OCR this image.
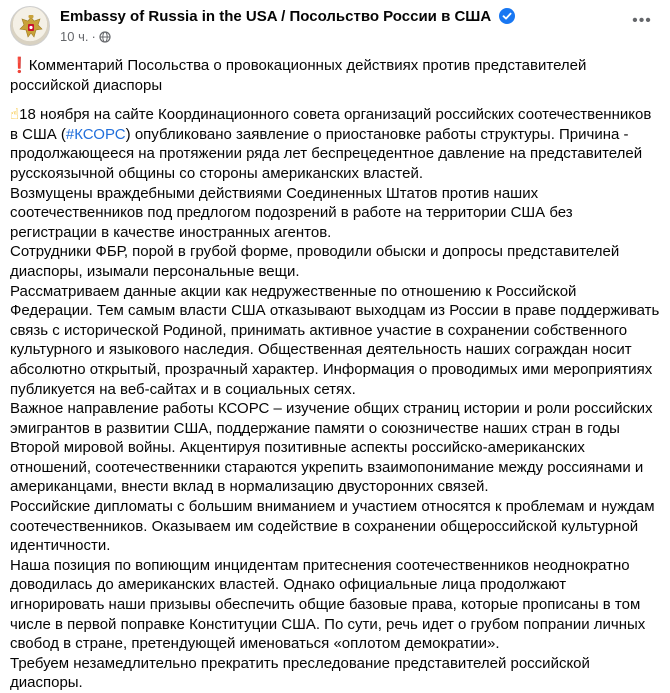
Embassy of Russia in the USA / Посольство России в США
10 ч. ·
•••

❗Комментарий Посольства о провокационных действиях против представителей российской диаспоры

☝18 ноября на сайте Координационного совета организаций российских соотечественников в США (#КСОРС) опубликовано заявление о приостановке работы структуры. Причина - продолжающееся на протяжении ряда лет беспрецедентное давление на представителей русскоязычной общины со стороны американских властей.

Возмущены враждебными действиями Соединенных Штатов против наших соотечественников под предлогом подозрений в работе на территории США без регистрации в качестве иностранных агентов.

Сотрудники ФБР, порой в грубой форме, проводили обыски и допросы представителей диаспоры, изымали персональные вещи.

Рассматриваем данные акции как недружественные по отношению к Российской Федерации. Тем самым власти США отказывают выходцам из России в праве поддерживать связь с исторической Родиной, принимать активное участие в сохранении собственного культурного и языкового наследия. Общественная деятельность наших сограждан носит абсолютно открытый, прозрачный характер. Информация о проводимых ими мероприятиях публикуется на веб-сайтах и в социальных сетях.

Важное направление работы КСОРС – изучение общих страниц истории и роли российских эмигрантов в развитии США, поддержание памяти о союзничестве наших стран в годы Второй мировой войны. Акцентируя позитивные аспекты российско-американских отношений, соотечественники стараются укрепить взаимопонимание между россиянами и американцами, внести вклад в нормализацию двусторонних связей.

Российские дипломаты с большим вниманием и участием относятся к проблемам и нуждам соотечественников. Оказываем им содействие в сохранении общероссийской культурной идентичности.

Наша позиция по вопиющим инцидентам притеснения соотечественников неоднократно доводилась до американских властей. Однако официальные лица продолжают игнорировать наши призывы обеспечить общие базовые права, которые прописаны в том числе в первой поправке Конституции США. По сути, речь идет о грубом попрании личных свобод в стране, претендующей именоваться «оплотом демократии».

Требуем незамедлительно прекратить преследование представителей российской диаспоры.
